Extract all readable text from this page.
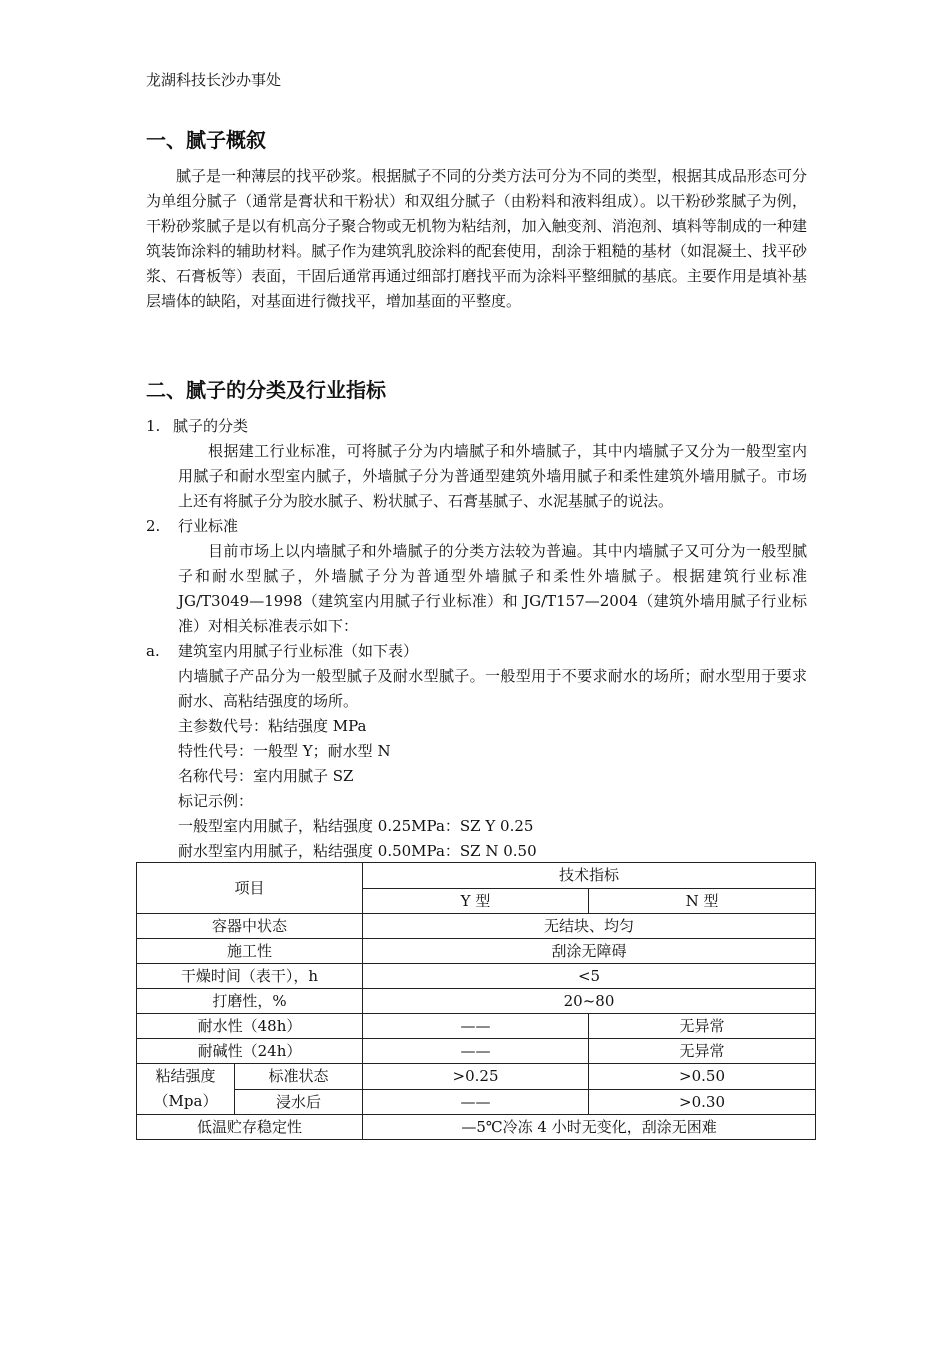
龙湖科技长沙办事处
一、腻子概叙
腻子是一种薄层的找平砂浆。根据腻子不同的分类方法可分为不同的类型，根据其成品形态可分为单组分腻子（通常是膏状和干粉状）和双组分腻子（由粉料和液料组成）。以干粉砂浆腻子为例，干粉砂浆腻子是以有机高分子聚合物或无机物为粘结剂，加入触变剂、消泡剂、填料等制成的一种建筑装饰涂料的辅助材料。腻子作为建筑乳胶涂料的配套使用，刮涂于粗糙的基材（如混凝土、找平砂浆、石膏板等）表面，干固后通常再通过细部打磨找平而为涂料平整细腻的基底。主要作用是填补基层墙体的缺陷，对基面进行微找平，增加基面的平整度。
二、腻子的分类及行业指标
1. 腻子的分类
根据建工行业标准，可将腻子分为内墙腻子和外墙腻子，其中内墙腻子又分为一般型室内用腻子和耐水型室内腻子，外墙腻子分为普通型建筑外墙用腻子和柔性建筑外墙用腻子。市场上还有将腻子分为胶水腻子、粉状腻子、石膏基腻子、水泥基腻子的说法。
2.	行业标准
目前市场上以内墙腻子和外墙腻子的分类方法较为普遍。其中内墙腻子又可分为一般型腻子和耐水型腻子，外墙腻子分为普通型外墙腻子和柔性外墙腻子。根据建筑行业标准 JG/T3049—1998（建筑室内用腻子行业标准）和 JG/T157—2004（建筑外墙用腻子行业标准）对相关标准表示如下：
a.	建筑室内用腻子行业标准（如下表）
内墙腻子产品分为一般型腻子及耐水型腻子。一般型用于不要求耐水的场所；耐水型用于要求耐水、高粘结强度的场所。
主参数代号：粘结强度 MPa
特性代号：一般型 Y；耐水型 N
名称代号：室内用腻子 SZ
标记示例：
一般型室内用腻子，粘结强度 0.25MPa：SZ Y 0.25
耐水型室内用腻子，粘结强度 0.50MPa：SZ N 0.50
项目		技术指标	
		Y 型	N 型
容器中状态		无结块、均匀	
施工性		刮涂无障碍	
干燥时间（表干），h		<5	
打磨性，%		20~80	
耐水性（48h）		——	无异常
耐碱性（24h）		——	无异常
粘结强度（Mpa）	标准状态	>0.25	>0.50
	浸水后	——	>0.30
低温贮存稳定性		—5℃冷冻 4 小时无变化，刮涂无困难	
